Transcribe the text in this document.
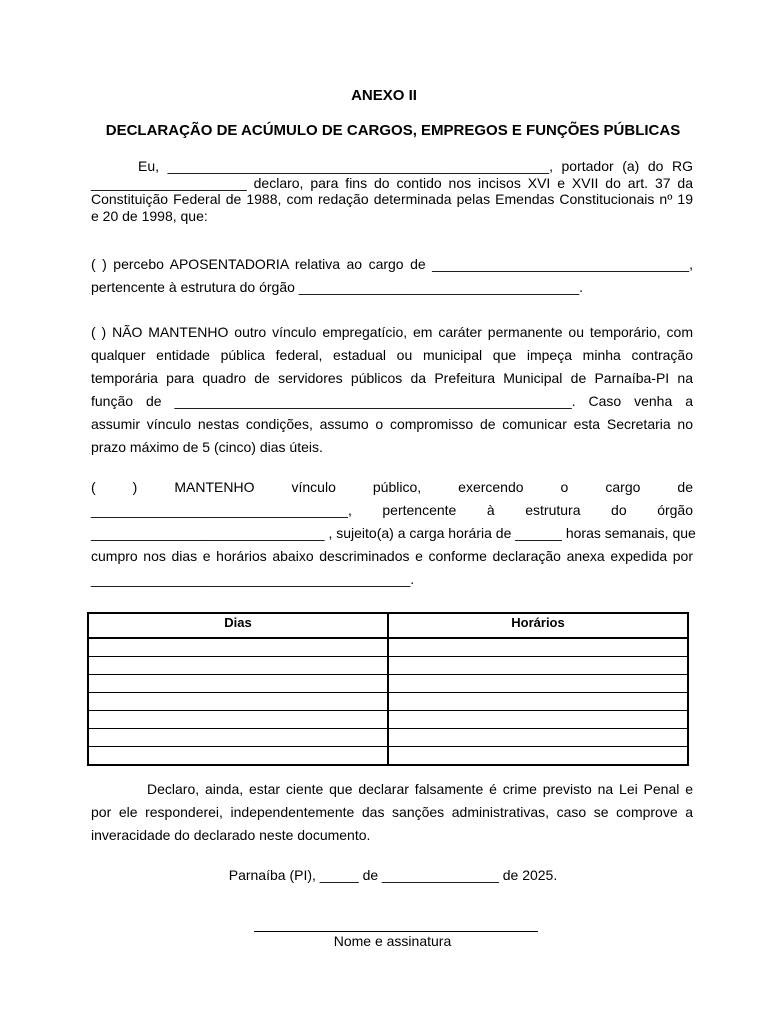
ANEXO II
DECLARAÇÃO DE ACÚMULO DE CARGOS, EMPREGOS E FUNÇÕES PÚBLICAS
Eu, _________________________________________________, portador (a) do RG
____________________ declaro, para fins do contido nos incisos XVI e XVII do art. 37 da
Constituição Federal de 1988, com redação determinada pelas Emendas Constitucionais nº 19
e 20 de 1998, que:
( ) percebo APOSENTADORIA relativa ao cargo de _________________________________,
pertencente à estrutura do órgão ____________________________________.
( ) NÃO MANTENHO outro vínculo empregatício, em caráter permanente ou temporário, com
qualquer entidade pública federal, estadual ou municipal que impeça minha contração
temporária para quadro de servidores públicos da Prefeitura Municipal de Parnaíba-PI na
função de ___________________________________________________. Caso venha a
assumir vínculo nestas condições, assumo o compromisso de comunicar esta Secretaria no
prazo máximo de 5 (cinco) dias úteis.
( ) MANTENHO vínculo público, exercendo o cargo de
_________________________________, pertencente à estrutura do órgão
______________________________ , sujeito(a) a carga horária de ______ horas semanais, que
cumpro nos dias e horários abaixo descriminados e conforme declaração anexa expedida por
_________________________________________.
Dias	Horários

Declaro, ainda, estar ciente que declarar falsamente é crime previsto na Lei Penal e
por ele responderei, independentemente das sanções administrativas, caso se comprove a
inveracidade do declarado neste documento.
Parnaíba (PI), _____ de _______________ de 2025.
Nome e assinatura
